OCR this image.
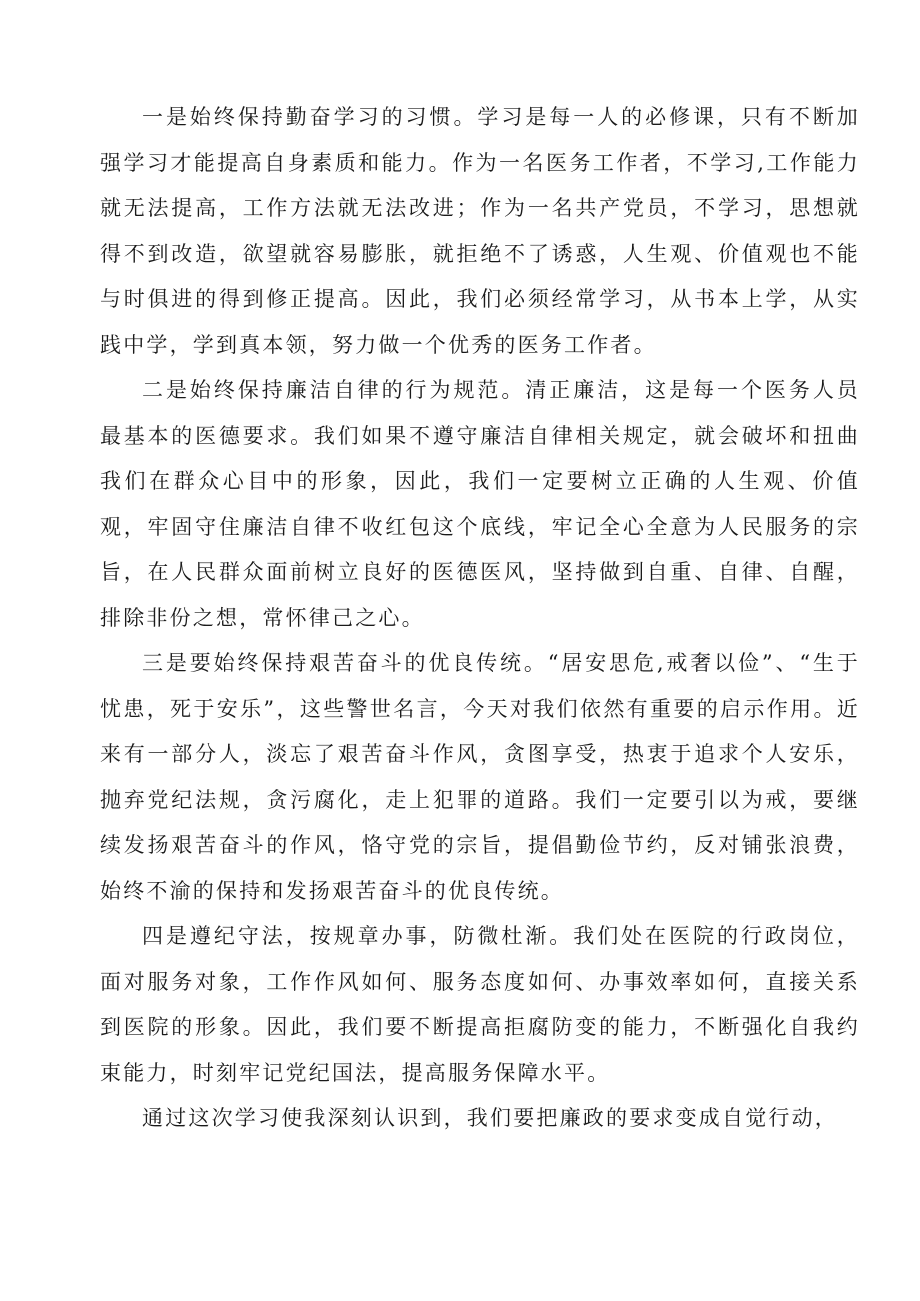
一是始终保持勤奋学习的习惯。学习是每一人的必修课，只有不断加强学习才能提高自身素质和能力。作为一名医务工作者，不学习,工作能力就无法提高，工作方法就无法改进；作为一名共产党员，不学习，思想就得不到改造，欲望就容易膨胀，就拒绝不了诱惑，人生观、价值观也不能与时俱进的得到修正提高。因此，我们必须经常学习，从书本上学，从实践中学，学到真本领，努力做一个优秀的医务工作者。

二是始终保持廉洁自律的行为规范。清正廉洁，这是每一个医务人员最基本的医德要求。我们如果不遵守廉洁自律相关规定，就会破坏和扭曲我们在群众心目中的形象，因此，我们一定要树立正确的人生观、价值观，牢固守住廉洁自律不收红包这个底线，牢记全心全意为人民服务的宗旨，在人民群众面前树立良好的医德医风，坚持做到自重、自律、自醒，排除非份之想，常怀律己之心。

三是要始终保持艰苦奋斗的优良传统。“居安思危,戒奢以俭”、“生于忧患，死于安乐”，这些警世名言，今天对我们依然有重要的启示作用。近来有一部分人，淡忘了艰苦奋斗作风，贪图享受，热衷于追求个人安乐，抛弃党纪法规，贪污腐化，走上犯罪的道路。我们一定要引以为戒，要继续发扬艰苦奋斗的作风，恪守党的宗旨，提倡勤俭节约，反对铺张浪费，始终不渝的保持和发扬艰苦奋斗的优良传统。

四是遵纪守法，按规章办事，防微杜渐。我们处在医院的行政岗位，面对服务对象，工作作风如何、服务态度如何、办事效率如何，直接关系到医院的形象。因此，我们要不断提高拒腐防变的能力，不断强化自我约束能力，时刻牢记党纪国法，提高服务保障水平。

通过这次学习使我深刻认识到，我们要把廉政的要求变成自觉行动，
